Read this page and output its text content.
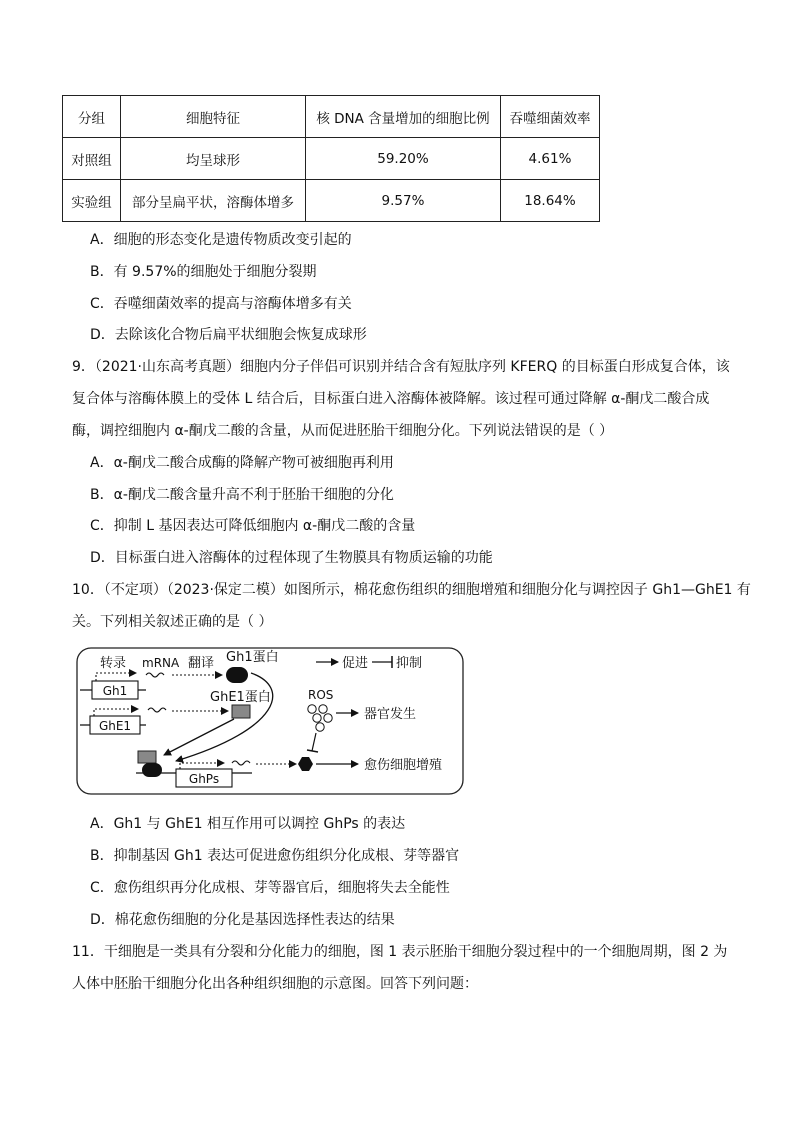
分组	细胞特征	核 DNA 含量增加的细胞比例	吞噬细菌效率
对照组	均呈球形	59.20%	4.61%
实验组	部分呈扁平状，溶酶体增多	9.57%	18.64%
A．细胞的形态变化是遗传物质改变引起的
B．有 9.57%的细胞处于细胞分裂期
C．吞噬细菌效率的提高与溶酶体增多有关
D．去除该化合物后扁平状细胞会恢复成球形
9．（2021·山东高考真题）细胞内分子伴侣可识别并结合含有短肽序列 KFERQ 的目标蛋白形成复合体，该
复合体与溶酶体膜上的受体 L 结合后，目标蛋白进入溶酶体被降解。该过程可通过降解 α-酮戊二酸合成
酶，调控细胞内 α-酮戊二酸的含量，从而促进胚胎干细胞分化。下列说法错误的是（ ）
A．α-酮戊二酸合成酶的降解产物可被细胞再利用
B．α-酮戊二酸含量升高不利于胚胎干细胞的分化
C．抑制 L 基因表达可降低细胞内 α-酮戊二酸的含量
D．目标蛋白进入溶酶体的过程体现了生物膜具有物质运输的功能
10．（不定项）（2023·保定二模）如图所示，棉花愈伤组织的细胞增殖和细胞分化与调控因子 Gh1—GhE1 有
关。下列相关叙述正确的是（ ）
转录 mRNA 翻译 Gh1蛋白	促进 抑制
Gh1	GhE1蛋白
GhE1
GhPs
愈伤细胞增殖
ROS
器官发生
A．Gh1 与 GhE1 相互作用可以调控 GhPs 的表达
B．抑制基因 Gh1 表达可促进愈伤组织分化成根、芽等器官
C．愈伤组织再分化成根、芽等器官后，细胞将失去全能性
D．棉花愈伤细胞的分化是基因选择性表达的结果
11．干细胞是一类具有分裂和分化能力的细胞，图 1 表示胚胎干细胞分裂过程中的一个细胞周期，图 2 为
人体中胚胎干细胞分化出各种组织细胞的示意图。回答下列问题：
